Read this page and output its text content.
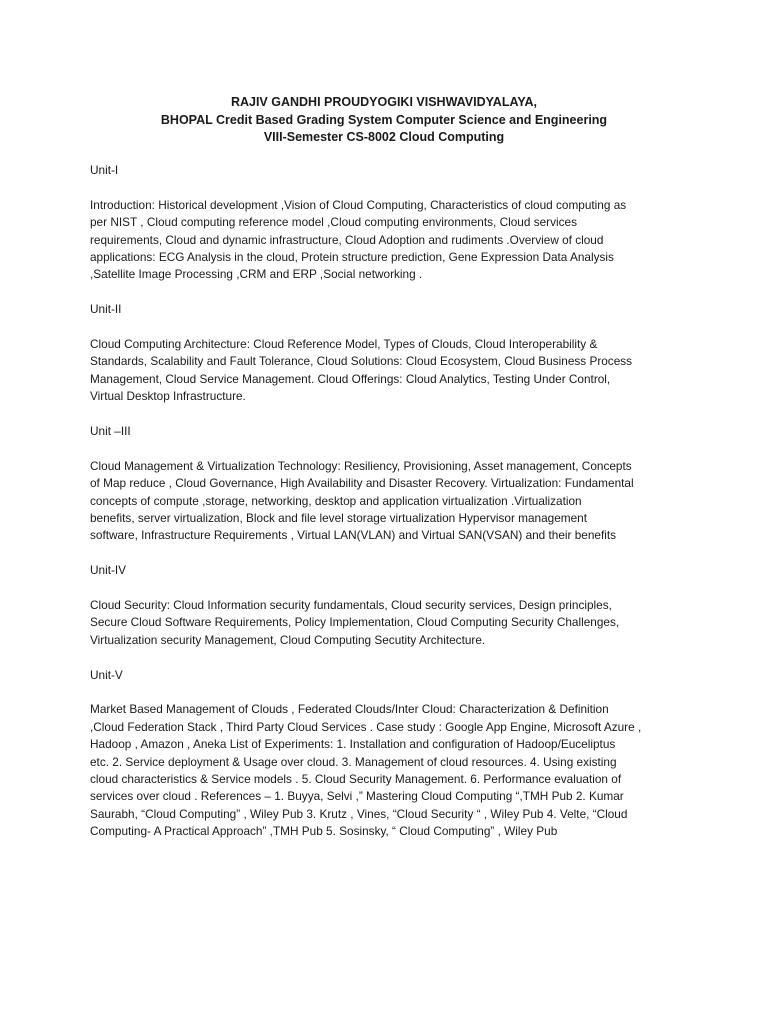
RAJIV GANDHI PROUDYOGIKI VISHWAVIDYALAYA,
BHOPAL Credit Based Grading System Computer Science and Engineering
VIII-Semester CS-8002 Cloud Computing
Unit-I
Introduction: Historical development ,Vision of Cloud Computing, Characteristics of cloud computing as
per NIST , Cloud computing reference model ,Cloud computing environments, Cloud services
requirements, Cloud and dynamic infrastructure, Cloud Adoption and rudiments .Overview of cloud
applications: ECG Analysis in the cloud, Protein structure prediction, Gene Expression Data Analysis
,Satellite Image Processing ,CRM and ERP ,Social networking .
Unit-II
Cloud Computing Architecture: Cloud Reference Model, Types of Clouds, Cloud Interoperability &
Standards, Scalability and Fault Tolerance, Cloud Solutions: Cloud Ecosystem, Cloud Business Process
Management, Cloud Service Management. Cloud Offerings: Cloud Analytics, Testing Under Control,
Virtual Desktop Infrastructure.
Unit –III
Cloud Management & Virtualization Technology: Resiliency, Provisioning, Asset management, Concepts
of Map reduce , Cloud Governance, High Availability and Disaster Recovery. Virtualization: Fundamental
concepts of compute ,storage, networking, desktop and application virtualization .Virtualization
benefits, server virtualization, Block and file level storage virtualization Hypervisor management
software, Infrastructure Requirements , Virtual LAN(VLAN) and Virtual SAN(VSAN) and their benefits
Unit-IV
Cloud Security: Cloud Information security fundamentals, Cloud security services, Design principles,
Secure Cloud Software Requirements, Policy Implementation, Cloud Computing Security Challenges,
Virtualization security Management, Cloud Computing Secutity Architecture.
Unit-V
Market Based Management of Clouds , Federated Clouds/Inter Cloud: Characterization & Definition
,Cloud Federation Stack , Third Party Cloud Services . Case study : Google App Engine, Microsoft Azure ,
Hadoop , Amazon , Aneka List of Experiments: 1. Installation and configuration of Hadoop/Euceliptus
etc. 2. Service deployment & Usage over cloud. 3. Management of cloud resources. 4. Using existing
cloud characteristics & Service models . 5. Cloud Security Management. 6. Performance evaluation of
services over cloud . References – 1. Buyya, Selvi ,” Mastering Cloud Computing “,TMH Pub 2. Kumar
Saurabh, “Cloud Computing” , Wiley Pub 3. Krutz , Vines, “Cloud Security “ , Wiley Pub 4. Velte, “Cloud
Computing- A Practical Approach” ,TMH Pub 5. Sosinsky, “ Cloud Computing” , Wiley Pub
